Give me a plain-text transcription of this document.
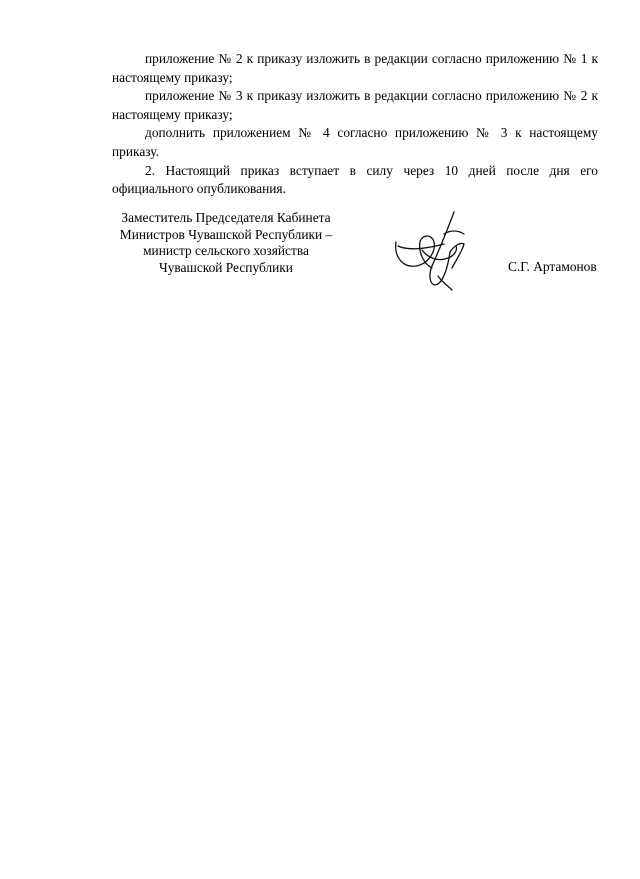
приложение № 2 к приказу изложить в редакции согласно приложению № 1 к настоящему приказу;

приложение № 3 к приказу изложить в редакции согласно приложению № 2 к настоящему приказу;

дополнить приложением № 4 согласно приложению № 3 к настоящему приказу.

2. Настоящий приказ вступает в силу через 10 дней после дня его официального опубликования.

Заместитель Председателя Кабинета
Министров Чувашской Республики –
министр сельского хозяйства
Чувашской Республики	С.Г. Артамонов
